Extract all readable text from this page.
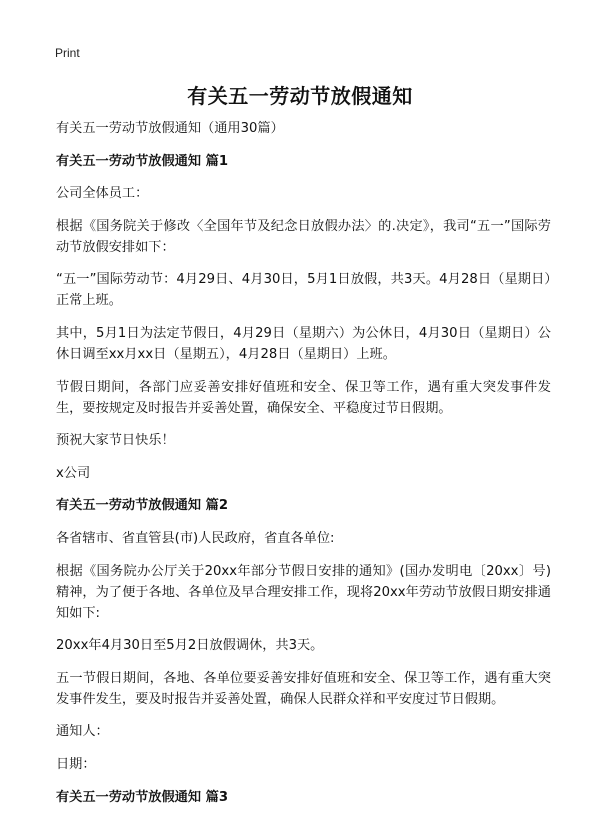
Print
有关五一劳动节放假通知

有关五一劳动节放假通知（通用30篇）

有关五一劳动节放假通知 篇1

公司全体员工：

根据《国务院关于修改〈全国年节及纪念日放假办法〉的.决定》，我司“五一”国际劳动节放假安排如下：

“五一”国际劳动节：4月29日、4月30日，5月1日放假，共3天。4月28日（星期日）正常上班。

其中，5月1日为法定节假日，4月29日（星期六）为公休日，4月30日（星期日）公休日调至xx月xx日（星期五），4月28日（星期日）上班。

节假日期间，各部门应妥善安排好值班和安全、保卫等工作，遇有重大突发事件发生，要按规定及时报告并妥善处置，确保安全、平稳度过节日假期。

预祝大家节日快乐！

x公司

有关五一劳动节放假通知 篇2

各省辖市、省直管县(市)人民政府，省直各单位:

根据《国务院办公厅关于20xx年部分节假日安排的通知》(国办发明电〔20xx〕号)精神，为了便于各地、各单位及早合理安排工作，现将20xx年劳动节放假日期安排通知如下:

20xx年4月30日至5月2日放假调休，共3天。

五一节假日期间，各地、各单位要妥善安排好值班和安全、保卫等工作，遇有重大突发事件发生，要及时报告并妥善处置，确保人民群众祥和平安度过节日假期。

通知人：

日期：

有关五一劳动节放假通知 篇3
